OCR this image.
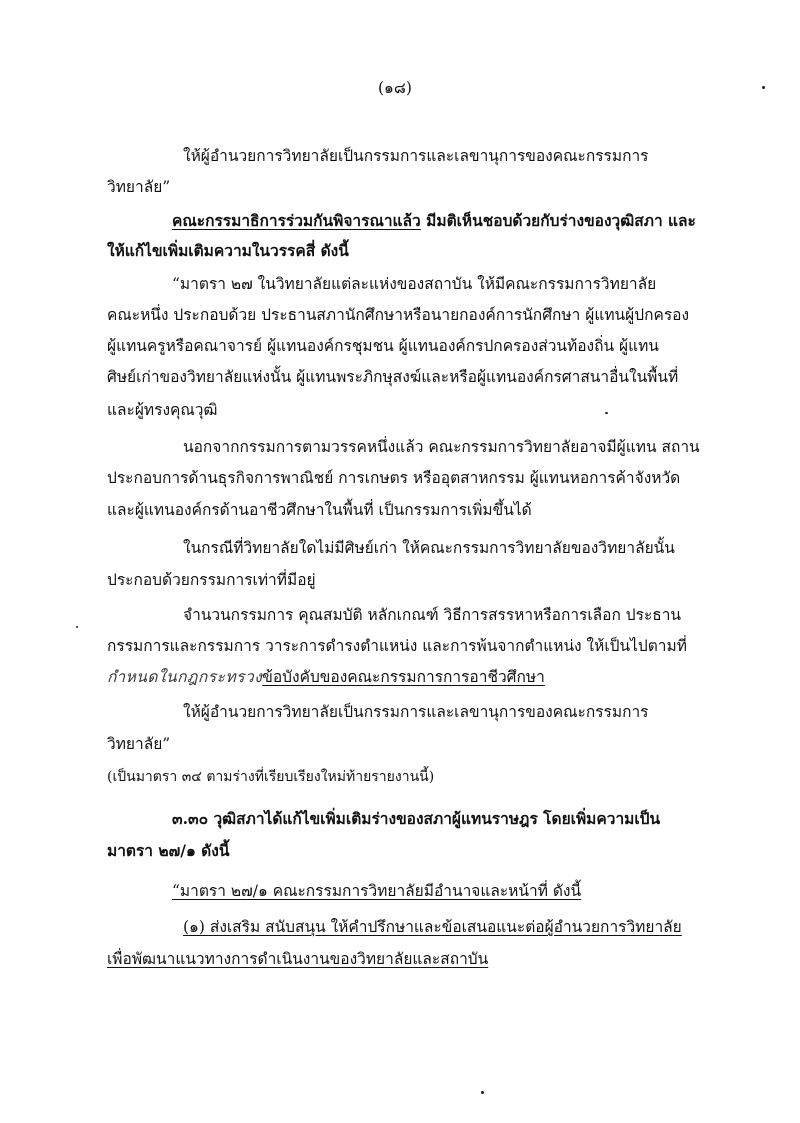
(๑๘)
ให้ผู้อำนวยการวิทยาลัยเป็นกรรมการและเลขานุการของคณะกรรมการ
วิทยาลัย”
คณะกรรมาธิการร่วมกันพิจารณาแล้ว มีมติเห็นชอบด้วยกับร่างของวุฒิสภา และ
ให้แก้ไขเพิ่มเติมความในวรรคสี่ ดังนี้
“มาตรา ๒๗ ในวิทยาลัยแต่ละแห่งของสถาบัน ให้มีคณะกรรมการวิทยาลัย
คณะหนึ่ง ประกอบด้วย ประธานสภานักศึกษาหรือนายกองค์การนักศึกษา ผู้แทนผู้ปกครอง
ผู้แทนครูหรือคณาจารย์ ผู้แทนองค์กรชุมชน ผู้แทนองค์กรปกครองส่วนท้องถิ่น ผู้แทน
ศิษย์เก่าของวิทยาลัยแห่งนั้น ผู้แทนพระภิกษุสงฆ์และหรือผู้แทนองค์กรศาสนาอื่นในพื้นที่
และผู้ทรงคุณวุฒิ
นอกจากกรรมการตามวรรคหนึ่งแล้ว คณะกรรมการวิทยาลัยอาจมีผู้แทน สถาน
ประกอบการด้านธุรกิจการพาณิชย์ การเกษตร หรืออุตสาหกรรม ผู้แทนหอการค้าจังหวัด
และผู้แทนองค์กรด้านอาชีวศึกษาในพื้นที่ เป็นกรรมการเพิ่มขึ้นได้
ในกรณีที่วิทยาลัยใดไม่มีศิษย์เก่า ให้คณะกรรมการวิทยาลัยของวิทยาลัยนั้น
ประกอบด้วยกรรมการเท่าที่มีอยู่
จำนวนกรรมการ คุณสมบัติ หลักเกณฑ์ วิธีการสรรหาหรือการเลือก ประธาน
กรรมการและกรรมการ วาระการดำรงตำแหน่ง และการพ้นจากตำแหน่ง ให้เป็นไปตามที่
กำหนดในกฎกระทรวงข้อบังคับของคณะกรรมการการอาชีวศึกษา
ให้ผู้อำนวยการวิทยาลัยเป็นกรรมการและเลขานุการของคณะกรรมการ
วิทยาลัย”
(เป็นมาตรา ๓๔ ตามร่างที่เรียบเรียงใหม่ท้ายรายงานนี้)
๓.๓๐ วุฒิสภาได้แก้ไขเพิ่มเติมร่างของสภาผู้แทนราษฎร โดยเพิ่มความเป็น
มาตรา ๒๗/๑ ดังนี้
“มาตรา ๒๗/๑ คณะกรรมการวิทยาลัยมีอำนาจและหน้าที่ ดังนี้
(๑) ส่งเสริม สนับสนุน ให้คำปรึกษาและข้อเสนอแนะต่อผู้อำนวยการวิทยาลัย
เพื่อพัฒนาแนวทางการดำเนินงานของวิทยาลัยและสถาบัน
